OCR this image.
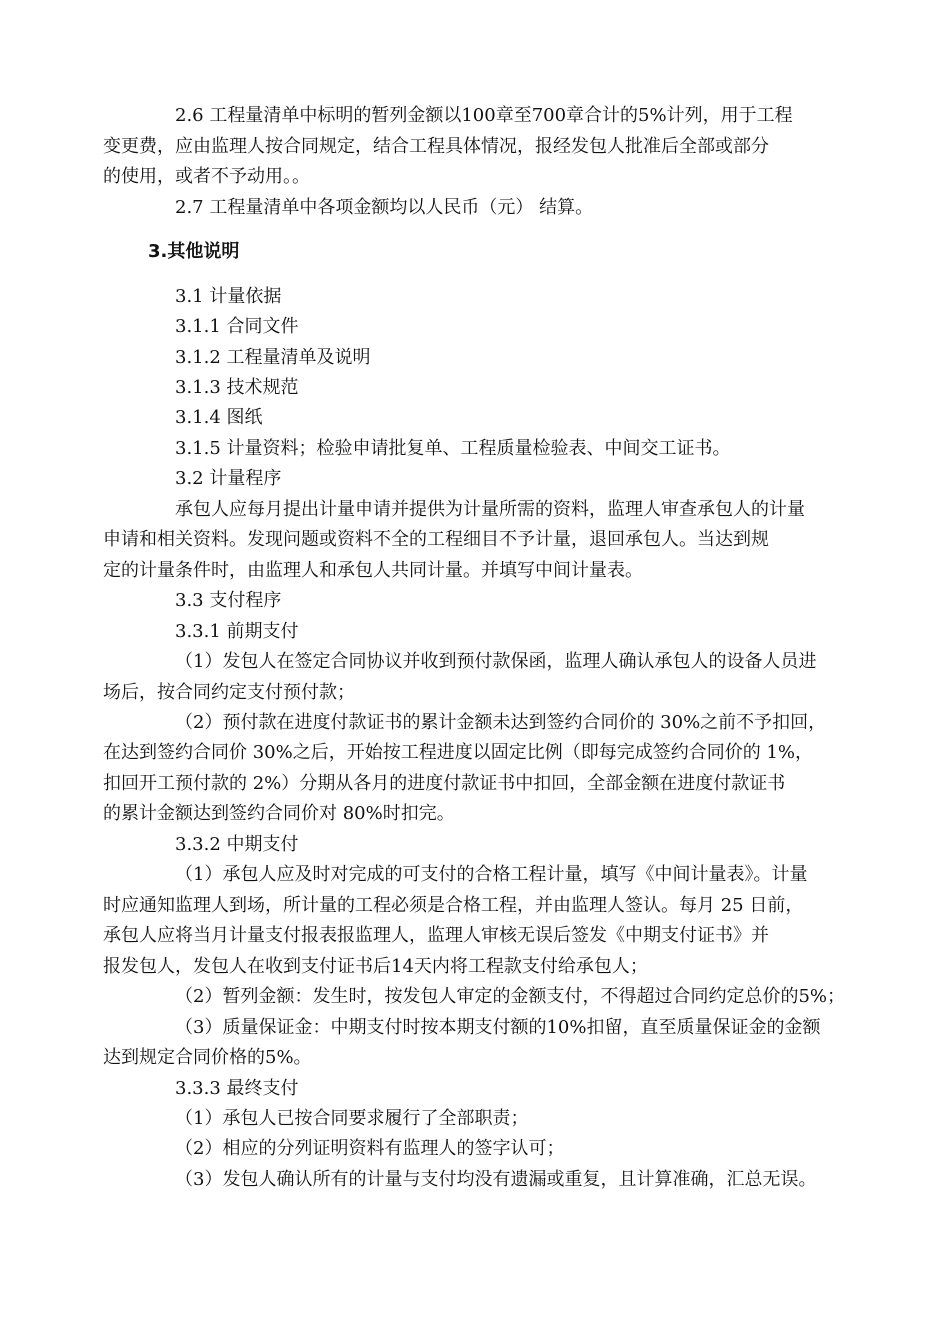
2.6 工程量清单中标明的暂列金额以100章至700章合计的5%计列，用于工程
变更费，应由监理人按合同规定，结合工程具体情况，报经发包人批准后全部或部分
的使用，或者不予动用。。
2.7 工程量清单中各项金额均以人民币（元） 结算。
3.其他说明
3.1 计量依据
3.1.1 合同文件
3.1.2 工程量清单及说明
3.1.3 技术规范
3.1.4 图纸
3.1.5 计量资料；检验申请批复单、工程质量检验表、中间交工证书。
3.2 计量程序
承包人应每月提出计量申请并提供为计量所需的资料，监理人审查承包人的计量
申请和相关资料。发现问题或资料不全的工程细目不予计量，退回承包人。当达到规
定的计量条件时，由监理人和承包人共同计量。并填写中间计量表。
3.3 支付程序
3.3.1 前期支付
（1）发包人在签定合同协议并收到预付款保函，监理人确认承包人的设备人员进
场后，按合同约定支付预付款；
（2）预付款在进度付款证书的累计金额未达到签约合同价的 30%之前不予扣回，
在达到签约合同价 30%之后，开始按工程进度以固定比例（即每完成签约合同价的 1%，
扣回开工预付款的 2%）分期从各月的进度付款证书中扣回，全部金额在进度付款证书
的累计金额达到签约合同价对 80%时扣完。
3.3.2 中期支付
（1）承包人应及时对完成的可支付的合格工程计量，填写《中间计量表》。计量
时应通知监理人到场，所计量的工程必须是合格工程，并由监理人签认。每月 25 日前，
承包人应将当月计量支付报表报监理人，监理人审核无误后签发《中期支付证书》并
报发包人，发包人在收到支付证书后14天内将工程款支付给承包人；
（2）暂列金额：发生时，按发包人审定的金额支付，不得超过合同约定总价的5%；
（3）质量保证金：中期支付时按本期支付额的10%扣留，直至质量保证金的金额
达到规定合同价格的5%。
3.3.3 最终支付
（1）承包人已按合同要求履行了全部职责；
（2）相应的分列证明资料有监理人的签字认可；
（3）发包人确认所有的计量与支付均没有遗漏或重复，且计算准确，汇总无误。
